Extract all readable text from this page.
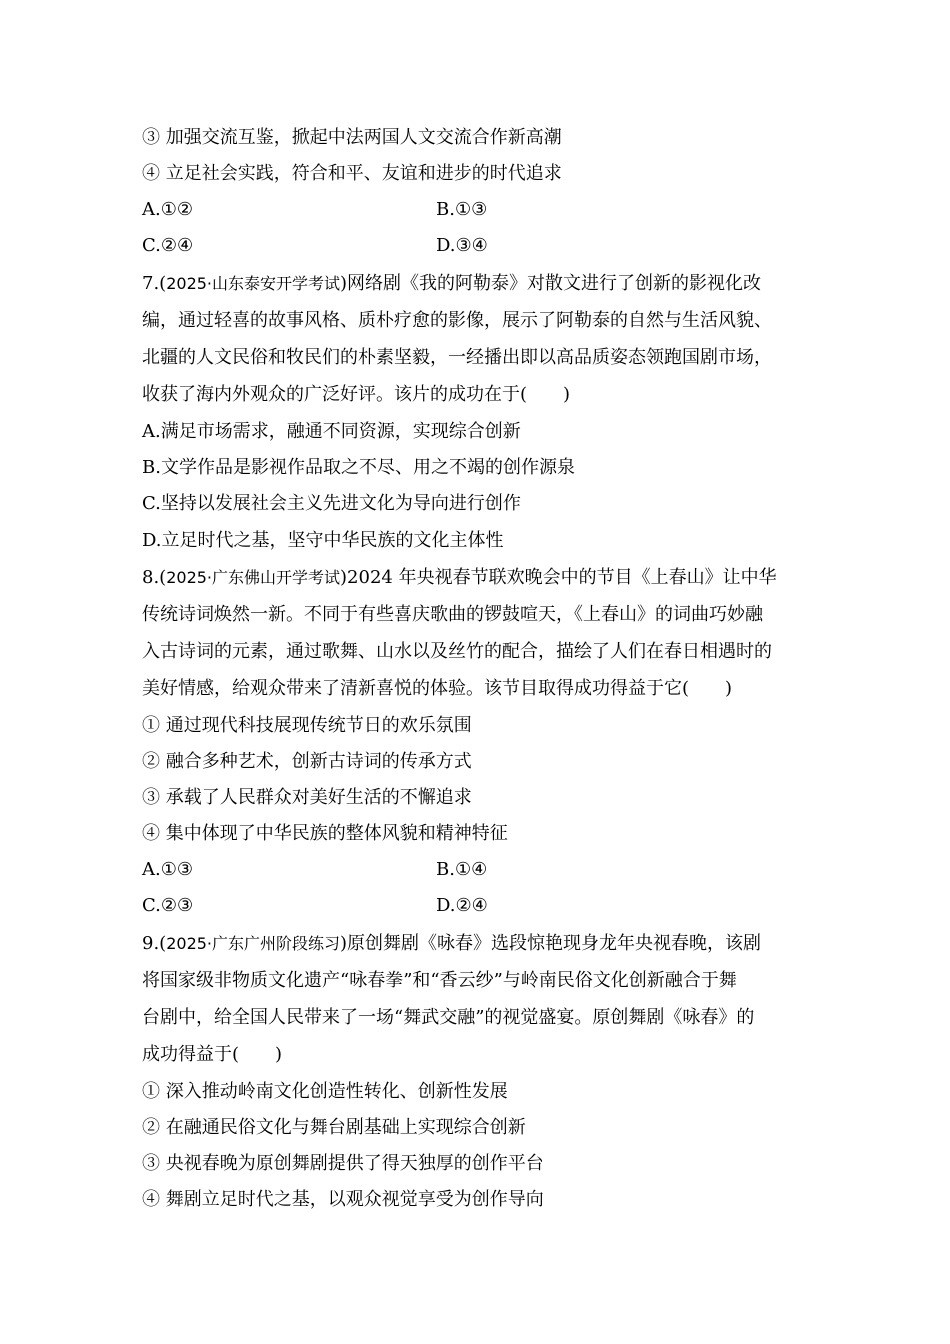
③ 加强交流互鉴，掀起中法两国人文交流合作新高潮
④ 立足社会实践，符合和平、友谊和进步的时代追求
A.①②	B.①③
C.②④	D.③④
7.(2025·山东泰安开学考试)网络剧《我的阿勒泰》对散文进行了创新的影视化改
编，通过轻喜的故事风格、质朴疗愈的影像，展示了阿勒泰的自然与生活风貌、
北疆的人文民俗和牧民们的朴素坚毅，一经播出即以高品质姿态领跑国剧市场，
收获了海内外观众的广泛好评。该片的成功在于(　　)
A.满足市场需求，融通不同资源，实现综合创新
B.文学作品是影视作品取之不尽、用之不竭的创作源泉
C.坚持以发展社会主义先进文化为导向进行创作
D.立足时代之基，坚守中华民族的文化主体性
8.(2025·广东佛山开学考试)2024 年央视春节联欢晚会中的节目《上春山》让中华
传统诗词焕然一新。不同于有些喜庆歌曲的锣鼓喧天，《上春山》的词曲巧妙融
入古诗词的元素，通过歌舞、山水以及丝竹的配合，描绘了人们在春日相遇时的
美好情感，给观众带来了清新喜悦的体验。该节目取得成功得益于它(　　)
① 通过现代科技展现传统节日的欢乐氛围
② 融合多种艺术，创新古诗词的传承方式
③ 承载了人民群众对美好生活的不懈追求
④ 集中体现了中华民族的整体风貌和精神特征
A.①③	B.①④
C.②③	D.②④
9.(2025·广东广州阶段练习)原创舞剧《咏春》选段惊艳现身龙年央视春晚，该剧
将国家级非物质文化遗产“咏春拳”和“香云纱”与岭南民俗文化创新融合于舞
台剧中，给全国人民带来了一场“舞武交融”的视觉盛宴。原创舞剧《咏春》的
成功得益于(　　)
① 深入推动岭南文化创造性转化、创新性发展
② 在融通民俗文化与舞台剧基础上实现综合创新
③ 央视春晚为原创舞剧提供了得天独厚的创作平台
④ 舞剧立足时代之基，以观众视觉享受为创作导向
